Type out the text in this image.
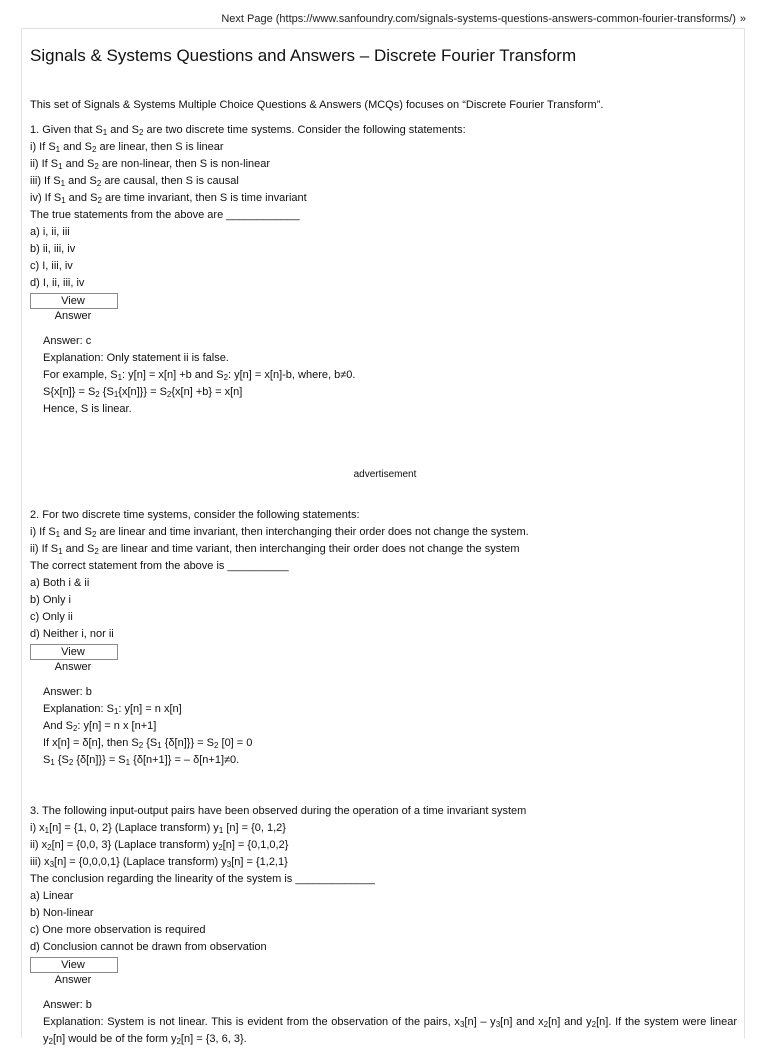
Next Page (https://www.sanfoundry.com/signals-systems-questions-answers-common-fourier-transforms/) »
Signals & Systems Questions and Answers – Discrete Fourier Transform

This set of Signals & Systems Multiple Choice Questions & Answers (MCQs) focuses on “Discrete Fourier Transform”.

1. Given that $S_1$ and $S_2$ are two discrete time systems. Consider the following statements:

i) If $S_1$ and $S_2$ are linear, then S is linear

ii) If $S_1$ and $S_2$ are non-linear, then S is non-linear

iii) If $S_1$ and $S_2$ are causal, then S is causal

iv) If $S_1$ and $S_2$ are time invariant, then S is time invariant

The true statements from the above are ____________

a) i, ii, iii

b) ii, iii, iv

c) I, iii, iv

d) I, ii, iii, iv

View Answer

Answer: c

Explanation: Only statement ii is false.

For example, $S_1$: y[n] = x[n] +b and $S_2$: y[n] = x[n]-b, where, b≠0.

$S\{x[n]\} = S_2$ $\{S_1\{x[n]\}\} = S_2\{x[n] +b\} = x[n]$

Hence, S is linear.

advertisement

2. For two discrete time systems, consider the following statements:

i) If $S_1$ and $S_2$ are linear and time invariant, then interchanging their order does not change the system.

ii) If $S_1$ and $S_2$ are linear and time variant, then interchanging their order does not change the system

The correct statement from the above is __________

a) Both i & ii

b) Only i

c) Only ii

d) Neither i, nor ii

View Answer

Answer: b

Explanation: $S_1$: y[n] = n x[n]

And $S_2$: y[n] = n x [n+1]

If x[n] = δ[n], then $S_2$ {$S_1$ $\{\delta[n]\}\} = S_2$ [0] = 0

$S_1$ {$S_2$ $\{\delta[n]\}\} = S_1$ {δ[n+1]} = – δ[n+1]≠0.

3. The following input-output pairs have been observed during the operation of a time invariant system

i) $x_1[n] = \{1$, 0, 2} (Laplace transform) $y_1$ [n] = {0, 1,2}

ii) $x_2[n] = \{0,0$, 3} (Laplace transform) $y_2[n] = \{0,1,0,2\}$

iii) $x_3[n] = \{0,0,0,1\}$ (Laplace transform) $y_3[n] = \{1,2,1\}$

The conclusion regarding the linearity of the system is _____________

a) Linear

b) Non-linear

c) One more observation is required

d) Conclusion cannot be drawn from observation

View Answer

Answer: b

Explanation: System is not linear. This is evident from the observation of the pairs, $x_3[n] - y_3[n]$ and $x_2[n]$ and $y_2[n]$. If the system were linear $y_2[n]$ would be of the form $y_2[n] = \{3$, 6, 3}.
